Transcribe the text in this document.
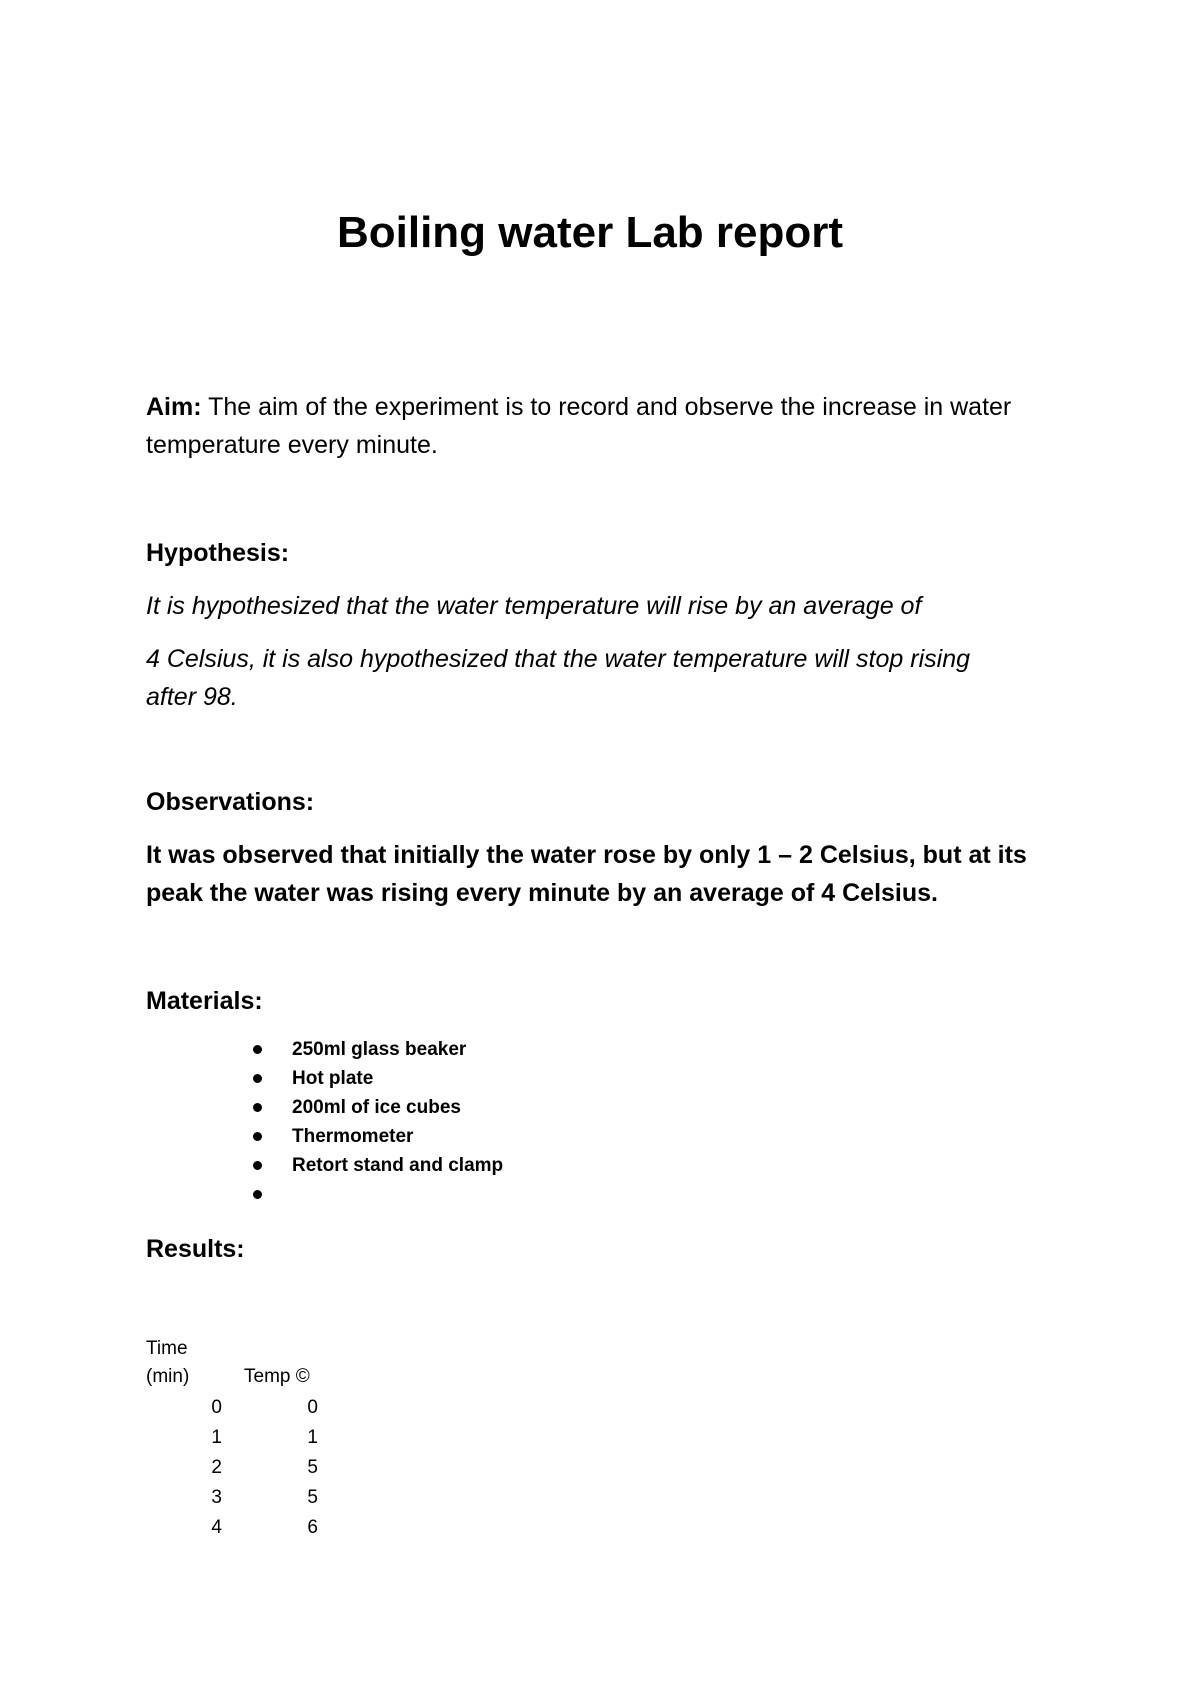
Boiling water Lab report
Aim: The aim of the experiment is to record and observe the increase in water
temperature every minute.
Hypothesis:
It is hypothesized that the water temperature will rise by an average of
4 Celsius, it is also hypothesized that the water temperature will stop rising
after 98.
Observations:
It was observed that initially the water rose by only 1 – 2 Celsius, but at its
peak the water was rising every minute by an average of 4 Celsius.
Materials:
250ml glass beaker
Hot plate
200ml of ice cubes
Thermometer
Retort stand and clamp
Results:
Time
(min)	Temp ©
0	0
1	1
2	5
3	5
4	6
